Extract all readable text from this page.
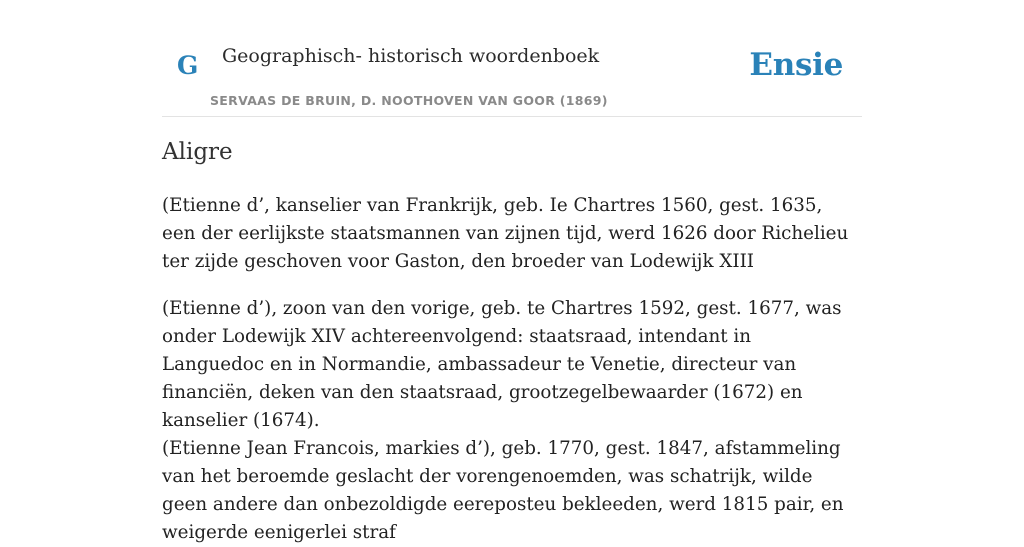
G Geographisch- historisch woordenboek
SERVAAS DE BRUIN, D. NOOTHOVEN VAN GOOR (1869)
Ensie
Aligre

(Etienne d’, kanselier van Frankrijk, geb. Ie Chartres 1560, gest. 1635, een der eerlijkste staatsmannen van zijnen tijd, werd 1626 door Richelieu ter zijde geschoven voor Gaston, den broeder van Lodewijk XIII

(Etienne d’), zoon van den vorige, geb. te Chartres 1592, gest. 1677, was onder Lodewijk XIV achtereenvolgend: staatsraad, intendant in Languedoc en in Normandie, ambassadeur te Venetie, directeur van financiën, deken van den staatsraad, grootzegelbewaarder (1672) en kanselier (1674).

(Etienne Jean Francois, markies d’), geb. 1770, gest. 1847, afstammeling van het beroemde geslacht der vorengenoemden, was schatrijk, wilde geen andere dan onbezoldigde eereposteu bekleeden, werd 1815 pair, en weigerde eenigerlei straf
